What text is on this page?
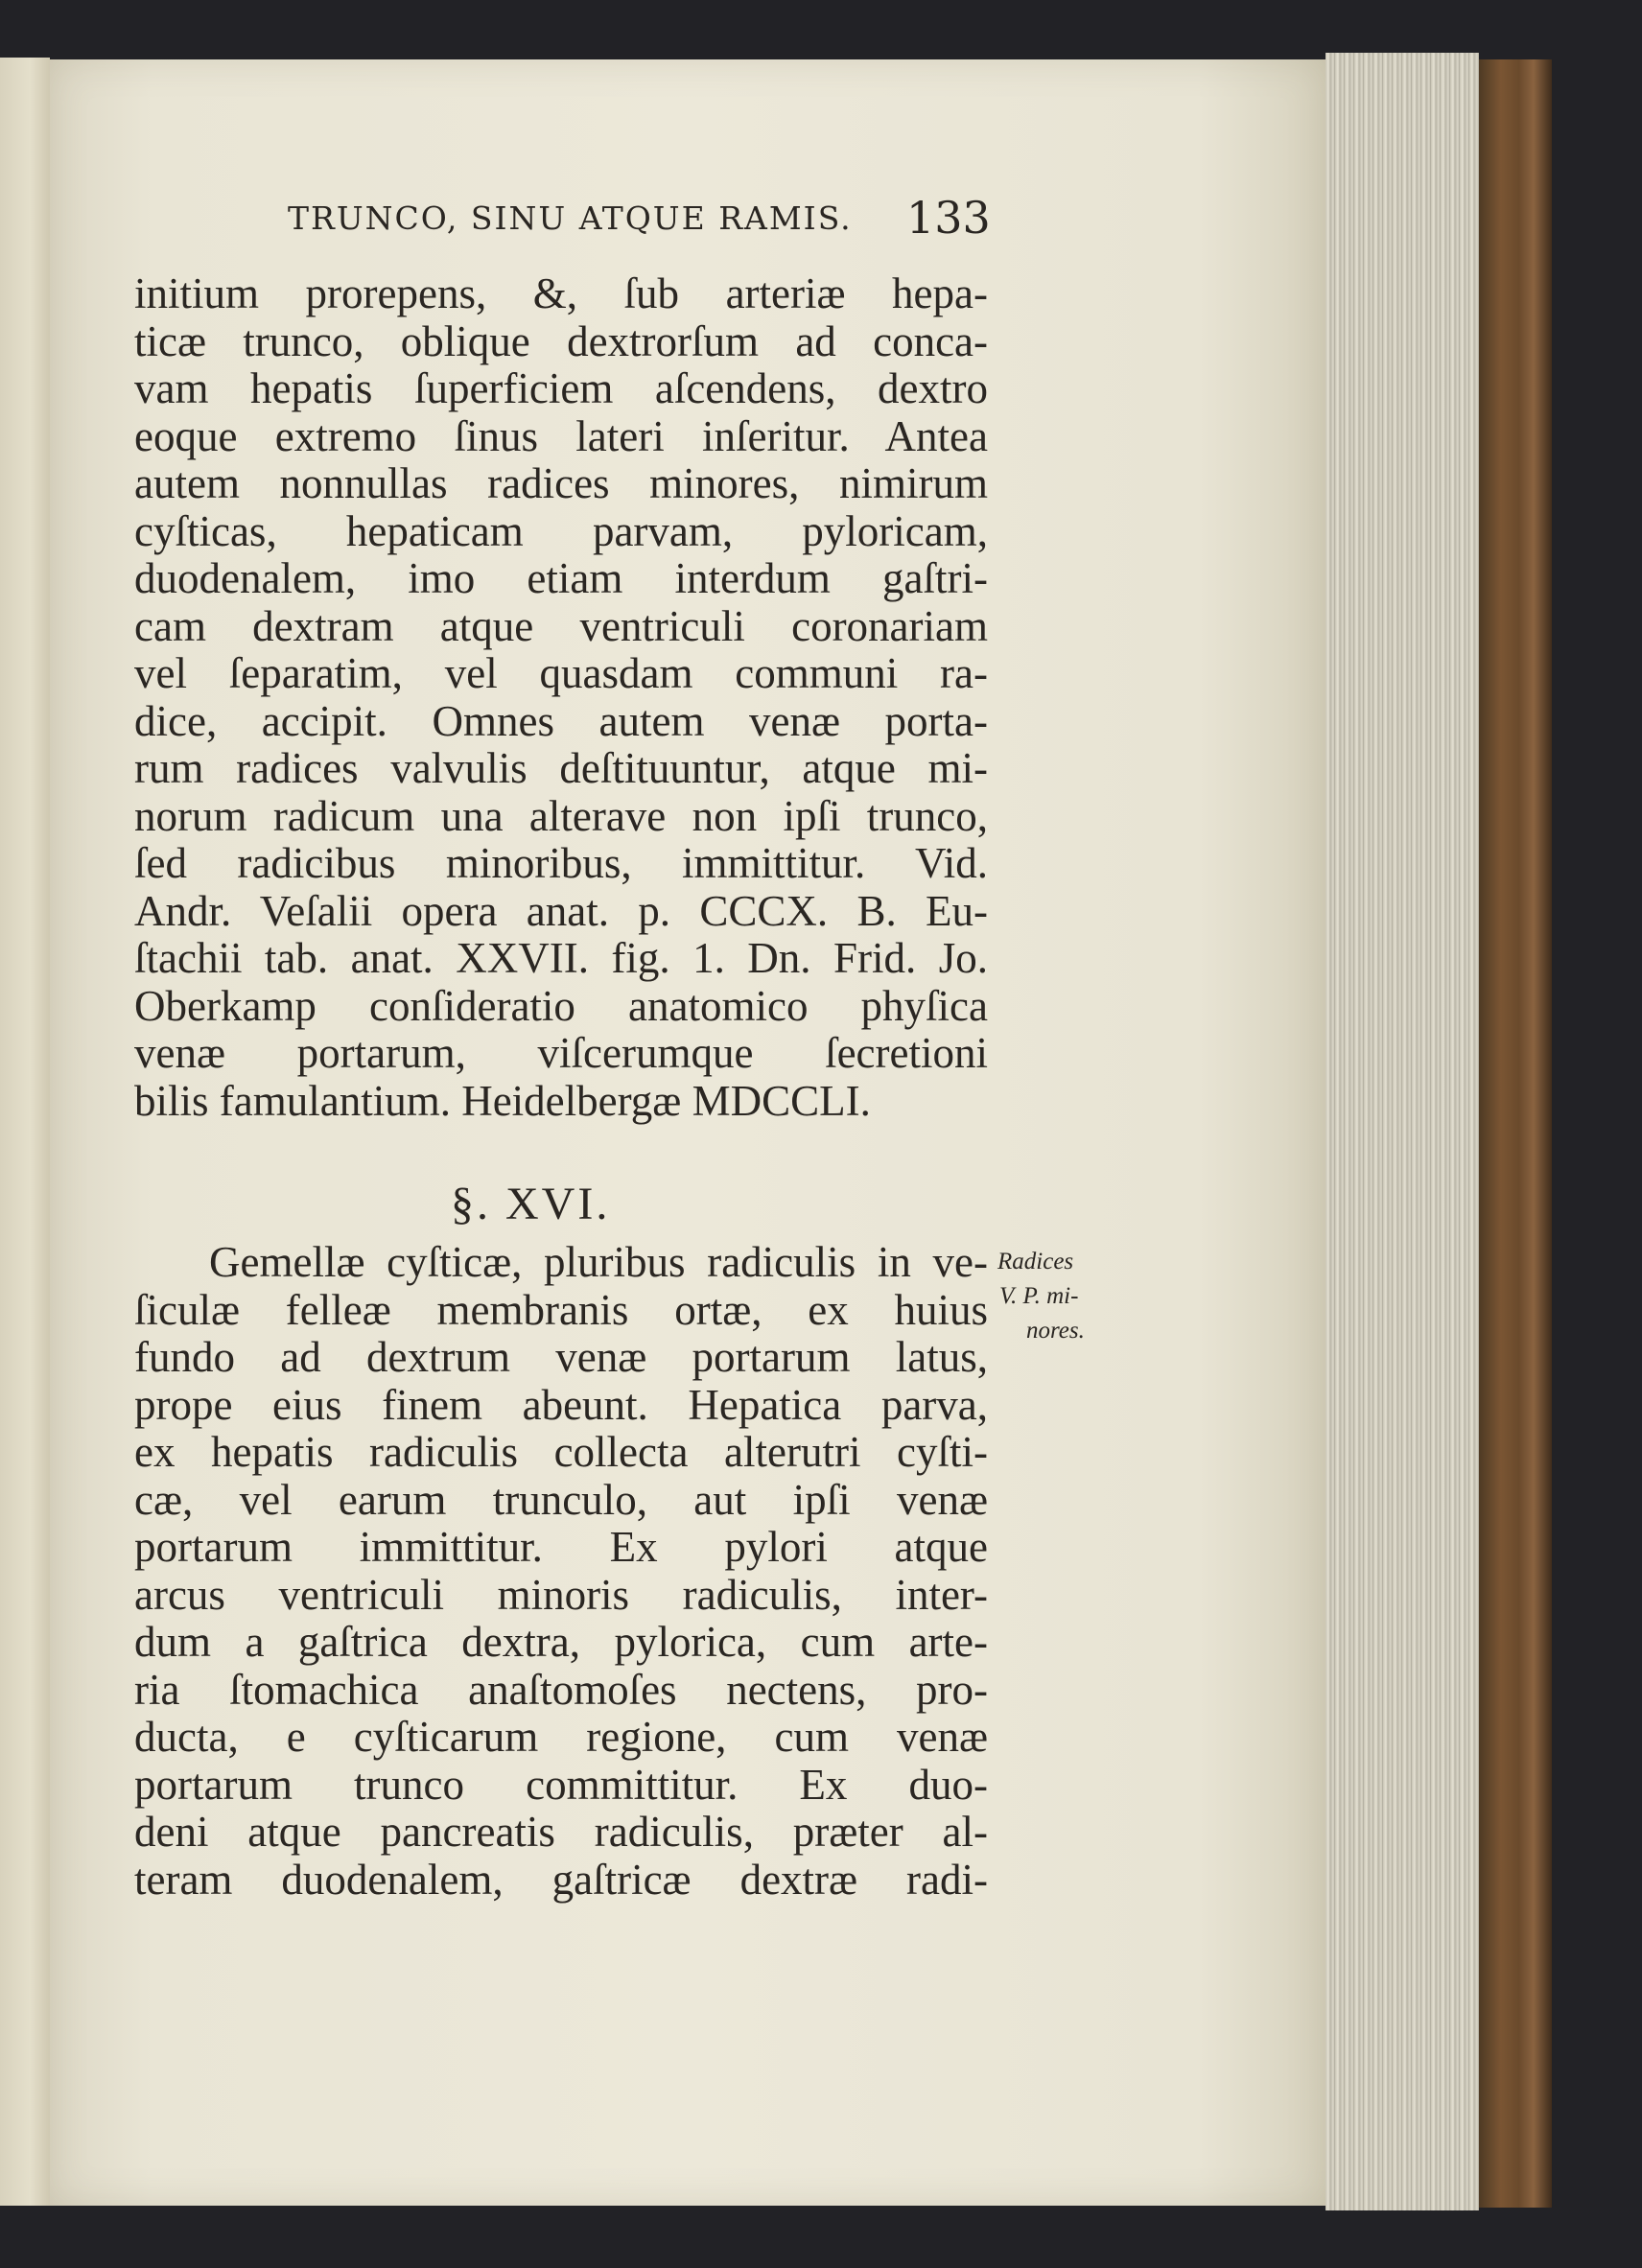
TRUNCO, SINU ATQUE RAMIS. 133
initium prorepens, &, ſub arteriæ hepa-
ticæ trunco, oblique dextrorſum ad conca-
vam hepatis ſuperficiem aſcendens, dextro
eoque extremo ſinus lateri inſeritur. Antea
autem nonnullas radices minores, nimirum
cyſticas, hepaticam parvam, pyloricam,
duodenalem, imo etiam interdum gaſtri-
cam dextram atque ventriculi coronariam
vel ſeparatim, vel quasdam communi ra-
dice, accipit. Omnes autem venæ porta-
rum radices valvulis deſtituuntur, atque mi-
norum radicum una alterave non ipſi trunco,
ſed radicibus minoribus, immittitur. Vid.
Andr. Veſalii opera anat. p. CCCX. B. Eu-
ſtachii tab. anat. XXVII. fig. 1. Dn. Frid. Jo.
Oberkamp conſideratio anatomico phyſica
venæ portarum, viſcerumque ſecretioni
bilis famulantium. Heidelbergæ MDCCLI.
§. XVI.
Gemellæ cyſticæ, pluribus radiculis in ve-
ſiculæ felleæ membranis ortæ, ex huius
fundo ad dextrum venæ portarum latus,
prope eius finem abeunt. Hepatica parva,
ex hepatis radiculis collecta alterutri cyſti-
cæ, vel earum trunculo, aut ipſi venæ
portarum immittitur. Ex pylori atque
arcus ventriculi minoris radiculis, inter-
dum a gaſtrica dextra, pylorica, cum arte-
ria ſtomachica anaſtomoſes nectens, pro-
ducta, e cyſticarum regione, cum venæ
portarum trunco committitur. Ex duo-
deni atque pancreatis radiculis, præter al-
teram duodenalem, gaſtricæ dextræ radi-
Radices
V. P. mi-
nores.
